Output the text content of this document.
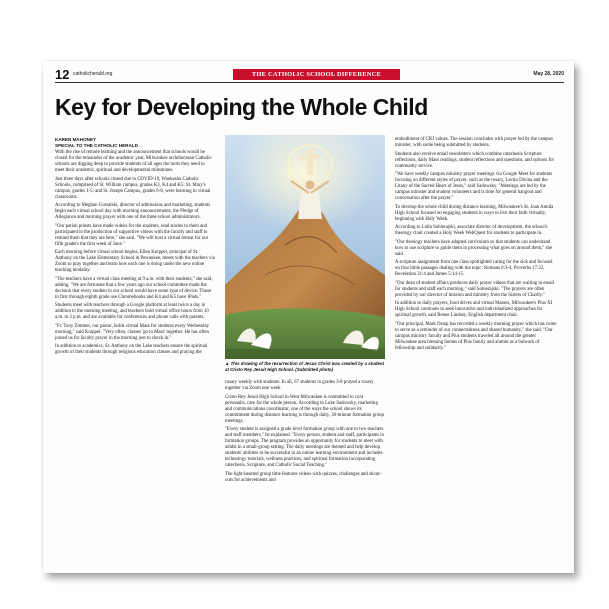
12 catholicherald.org	THE CATHOLIC SCHOOL DIFFERENCE	May 28, 2020
Key for Developing the Whole Child
KAREN MAHONEY
SPECIAL TO THE CATHOLIC HERALD

With the rise of remote learning and the announcement that schools would be closed for the remainder of the academic year, Milwaukee archdiocesan Catholic schools are digging deep to provide students of all ages the tools they need to meet their academic, spiritual and developmental milestones.

Just three days after schools closed due to COVID-19, Waukesha Catholic Schools, comprised of St. William campus, grades K3, K4 and K5; St. Mary's campus, grades 1-5; and St. Joseph Campus, grades 6-8, were learning in virtual classrooms.

According to Meghan Gorsalski, director of admissions and marketing, students begin each virtual school day with morning announcements, the Pledge of Allegiance and morning prayer with one of the three school administrators.

"Our parish priests have made videos for the students, read stories to them and participated in the production of supportive videos with the faculty and staff to remind them that they are here," she said. "We will host a virtual retreat for our fifth graders the first week of June."

Each morning before virtual school begins, Ellen Knippel, principal of St. Anthony on the Lake Elementary School in Pewaukee, meets with the teachers via Zoom to pray together and learn how each one is doing under the new online teaching modality.

"The teachers have a virtual class meeting at 9 a.m. with their students," she said, adding, "We are fortunate that a few years ago our school committee made the decision that every student in our school would have some type of device. Those in first through eighth grade use Chromebooks and K4 and K5 have iPads."

Students meet with teachers through a Google platform at least twice a day in addition to the morning meeting, and teachers hold virtual office hours from 10 a.m. to 2 p.m. and are available for conferences and phone calls with parents.

"Fr. Tony Zimmer, our pastor, holds virtual Mass for students every Wednesday morning," said Knippel. "Very often, classes 'go to Mass' together. He has often joined us for faculty prayer in the morning just to check in."

In addition to academics, St. Anthony on the Lake teachers ensure the spiritual growth of their students through religious education classes and praying the

▲ This drawing of the resurrection of Jesus Christ was created by a student at Cristo Rey Jesuit High School. (Submitted photo)

rosary weekly with students. In all, 67 students in grades 3-8 prayed a rosary together via Zoom one week.

Cristo Rey Jesuit High School in West Milwaukee is committed to cura personalis, care for the whole person. According to Luke Sadowsky, marketing and communications coordinator, one of the ways the school shows its commitment during distance learning is through daily, 30-minute formation group meetings.

"Every student is assigned a grade level formation group with one to two teachers and staff members," he explained. "Every person, student and staff, participates in formation groups. The program provides an opportunity for students to meet with adults in a small-group setting. The daily meetings are themed and help develop students' abilities to be successful in an online learning environment and includes technology tutorials, wellness practices, and spiritual formation incorporating catechesis, Scripture, and Catholic Social Teaching."

The light-hearted group time features videos with quizzes, challenges and shout-outs for achievements and

embodiment of CRJ values. The session concludes with prayer led by the campus minister, with some being submitted by students.

Students also receive email newsletters which combine catechesis Scripture reflections, daily Mass readings, student reflections and questions, and options for community service.

"We have weekly campus ministry prayer meetings via Google Meet for students focusing on different styles of prayer, such as the rosary, Lectio Divina and the Litany of the Sacred Heart of Jesus," said Sadowsky. "Meetings are led by the campus minister and student volunteers and is time for general hangout and conversation after the prayer."

To develop the whole child during distance learning, Milwaukee's St. Joan Antida High School focused on engaging students in ways to live their faith virtually, beginning with Holy Week.

According to Lidia Sobierajski, associate director of development, the school's theology chair created a Holy Week WebQuest for students to participate in.

"Our theology teachers have adapted curriculum so that students can understand how to use scripture to guide them in processing what goes on around them," she said.

A scripture assignment from one class spotlighted caring for the sick and focused on four bible passages dealing with the topic: Romans 6:3-4, Proverbs 17:22, Revelation 21:4 and James 5:14-15.

"Our dean of student affairs produces daily prayer videos that are waiting in email for students and staff each morning," said Sobierajski. "The prayers are often provided by our director of mission and ministry from the Sisters of Charity."

In addition to daily prayers, food drives and virtual Masses, Milwaukee's Pius XI High School continues to seek innovative and individualized approaches for spiritual growth, said Renee Lindsey, English department chair.

"Our principal, Mark Ostap has recorded a weekly morning prayer which has come to serve as a reminder of our connectedness and shared humanity," she said. "Our campus ministry faculty and Pius students traveled all around the greater Milwaukee area blessing homes of Pius family and alumni as a bulwark of fellowship and solidarity."
